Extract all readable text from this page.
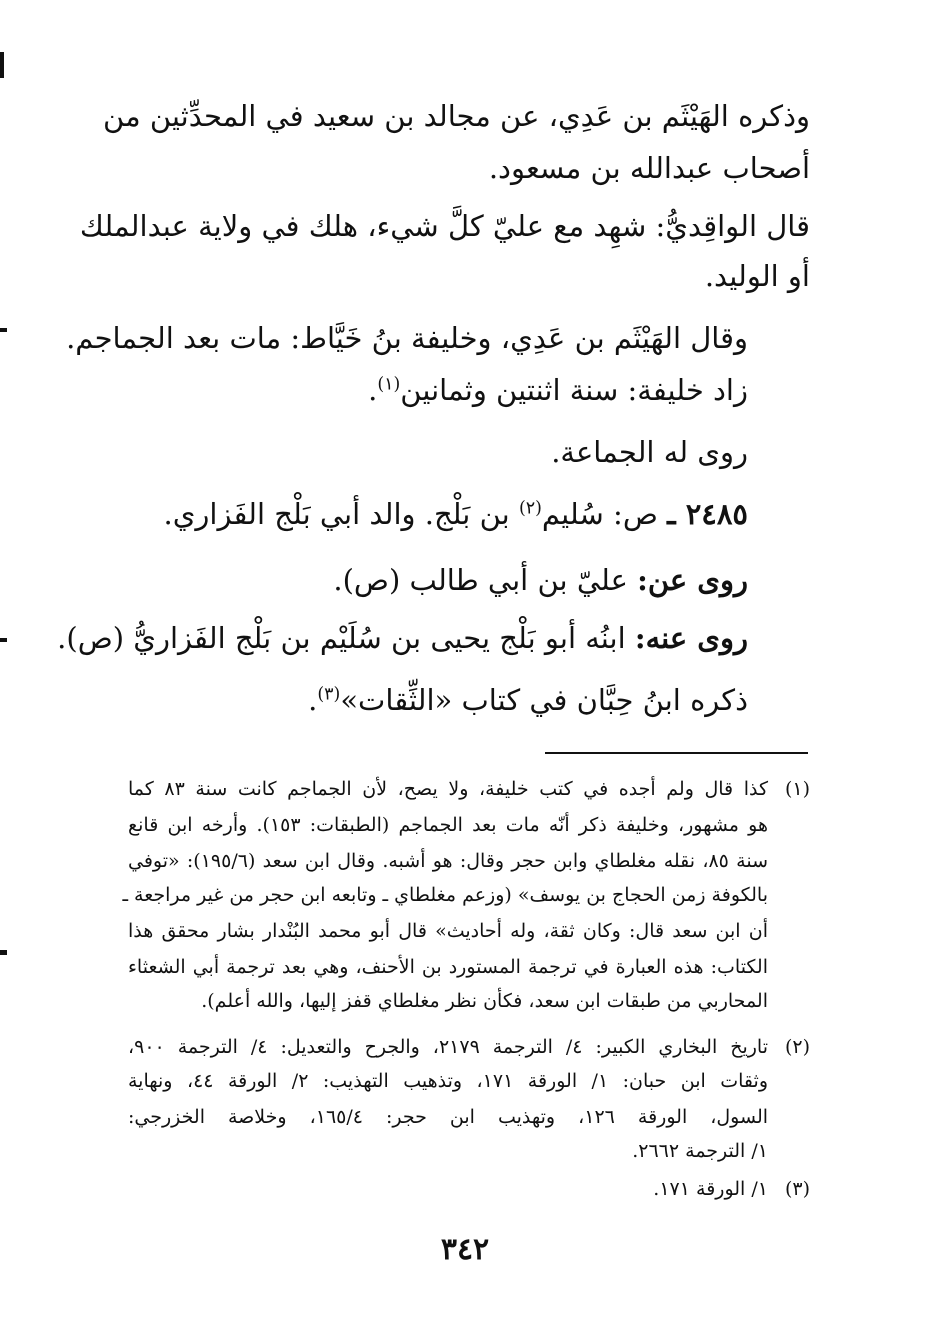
وذكره الهَيْثَم بن عَدِي، عن مجالد بن سعيد في المحدِّثين من
أصحاب عبدالله بن مسعود.
قال الواقِديُّ: شهِد مع عليّ كلَّ شيء، هلك في ولاية عبدالملك
أو الوليد.
وقال الهَيْثَم بن عَدِي، وخليفة بنُ خَيَّاط: مات بعد الجماجم.
زاد خليفة: سنة اثنتين وثمانين$^{(١)}$.
روى له الجماعة.
٢٤٨٥ ـ ص: سُليم$^{(٢)}$ بن بَلْج. والد أبي بَلْج الفَزاري.
روى عن: عليّ بن أبي طالب (ص).
روى عنه: ابنُه أبو بَلْج يحيى بن سُلَيْم بن بَلْج الفَزاريُّ (ص).
ذكره ابنُ حِبَّان في كتاب «الثِّقات»$^{(٣)}$.
(١)
كذا قال ولم أجده في كتب خليفة، ولا يصح، لأن الجماجم كانت سنة ٨٣ كما
هو مشهور، وخليفة ذكر أنّه مات بعد الجماجم (الطبقات: ١٥٣). وأرخه ابن قانع
سنة ٨٥، نقله مغلطاي وابن حجر وقال: هو أشبه. وقال ابن سعد (١٩٥/٦): «توفي
بالكوفة زمن الحجاج بن يوسف» (وزعم مغلطاي ـ وتابعه ابن حجر من غير مراجعة ـ
أن ابن سعد قال: وكان ثقة، وله أحاديث» قال أبو محمد البُنْدار بشار محقق هذا
الكتاب: هذه العبارة في ترجمة المستورد بن الأحنف، وهي بعد ترجمة أبي الشعثاء
المحاربي من طبقات ابن سعد، فكأن نظر مغلطاي قفز إليها، والله أعلم).
(٢)
تاريخ البخاري الكبير: ٤/ الترجمة ٢١٧٩، والجرح والتعديل: ٤/ الترجمة ٩٠٠،
وثقات ابن حبان: ١/ الورقة ١٧١، وتذهيب التهذيب: ٢/ الورقة ٤٤، ونهاية
السول، الورقة ١٢٦، وتهذيب ابن حجر: ١٦٥/٤، وخلاصة الخزرجي:
١/ الترجمة ٢٦٦٢.
(٣)
١/ الورقة ١٧١.
٣٤٢
